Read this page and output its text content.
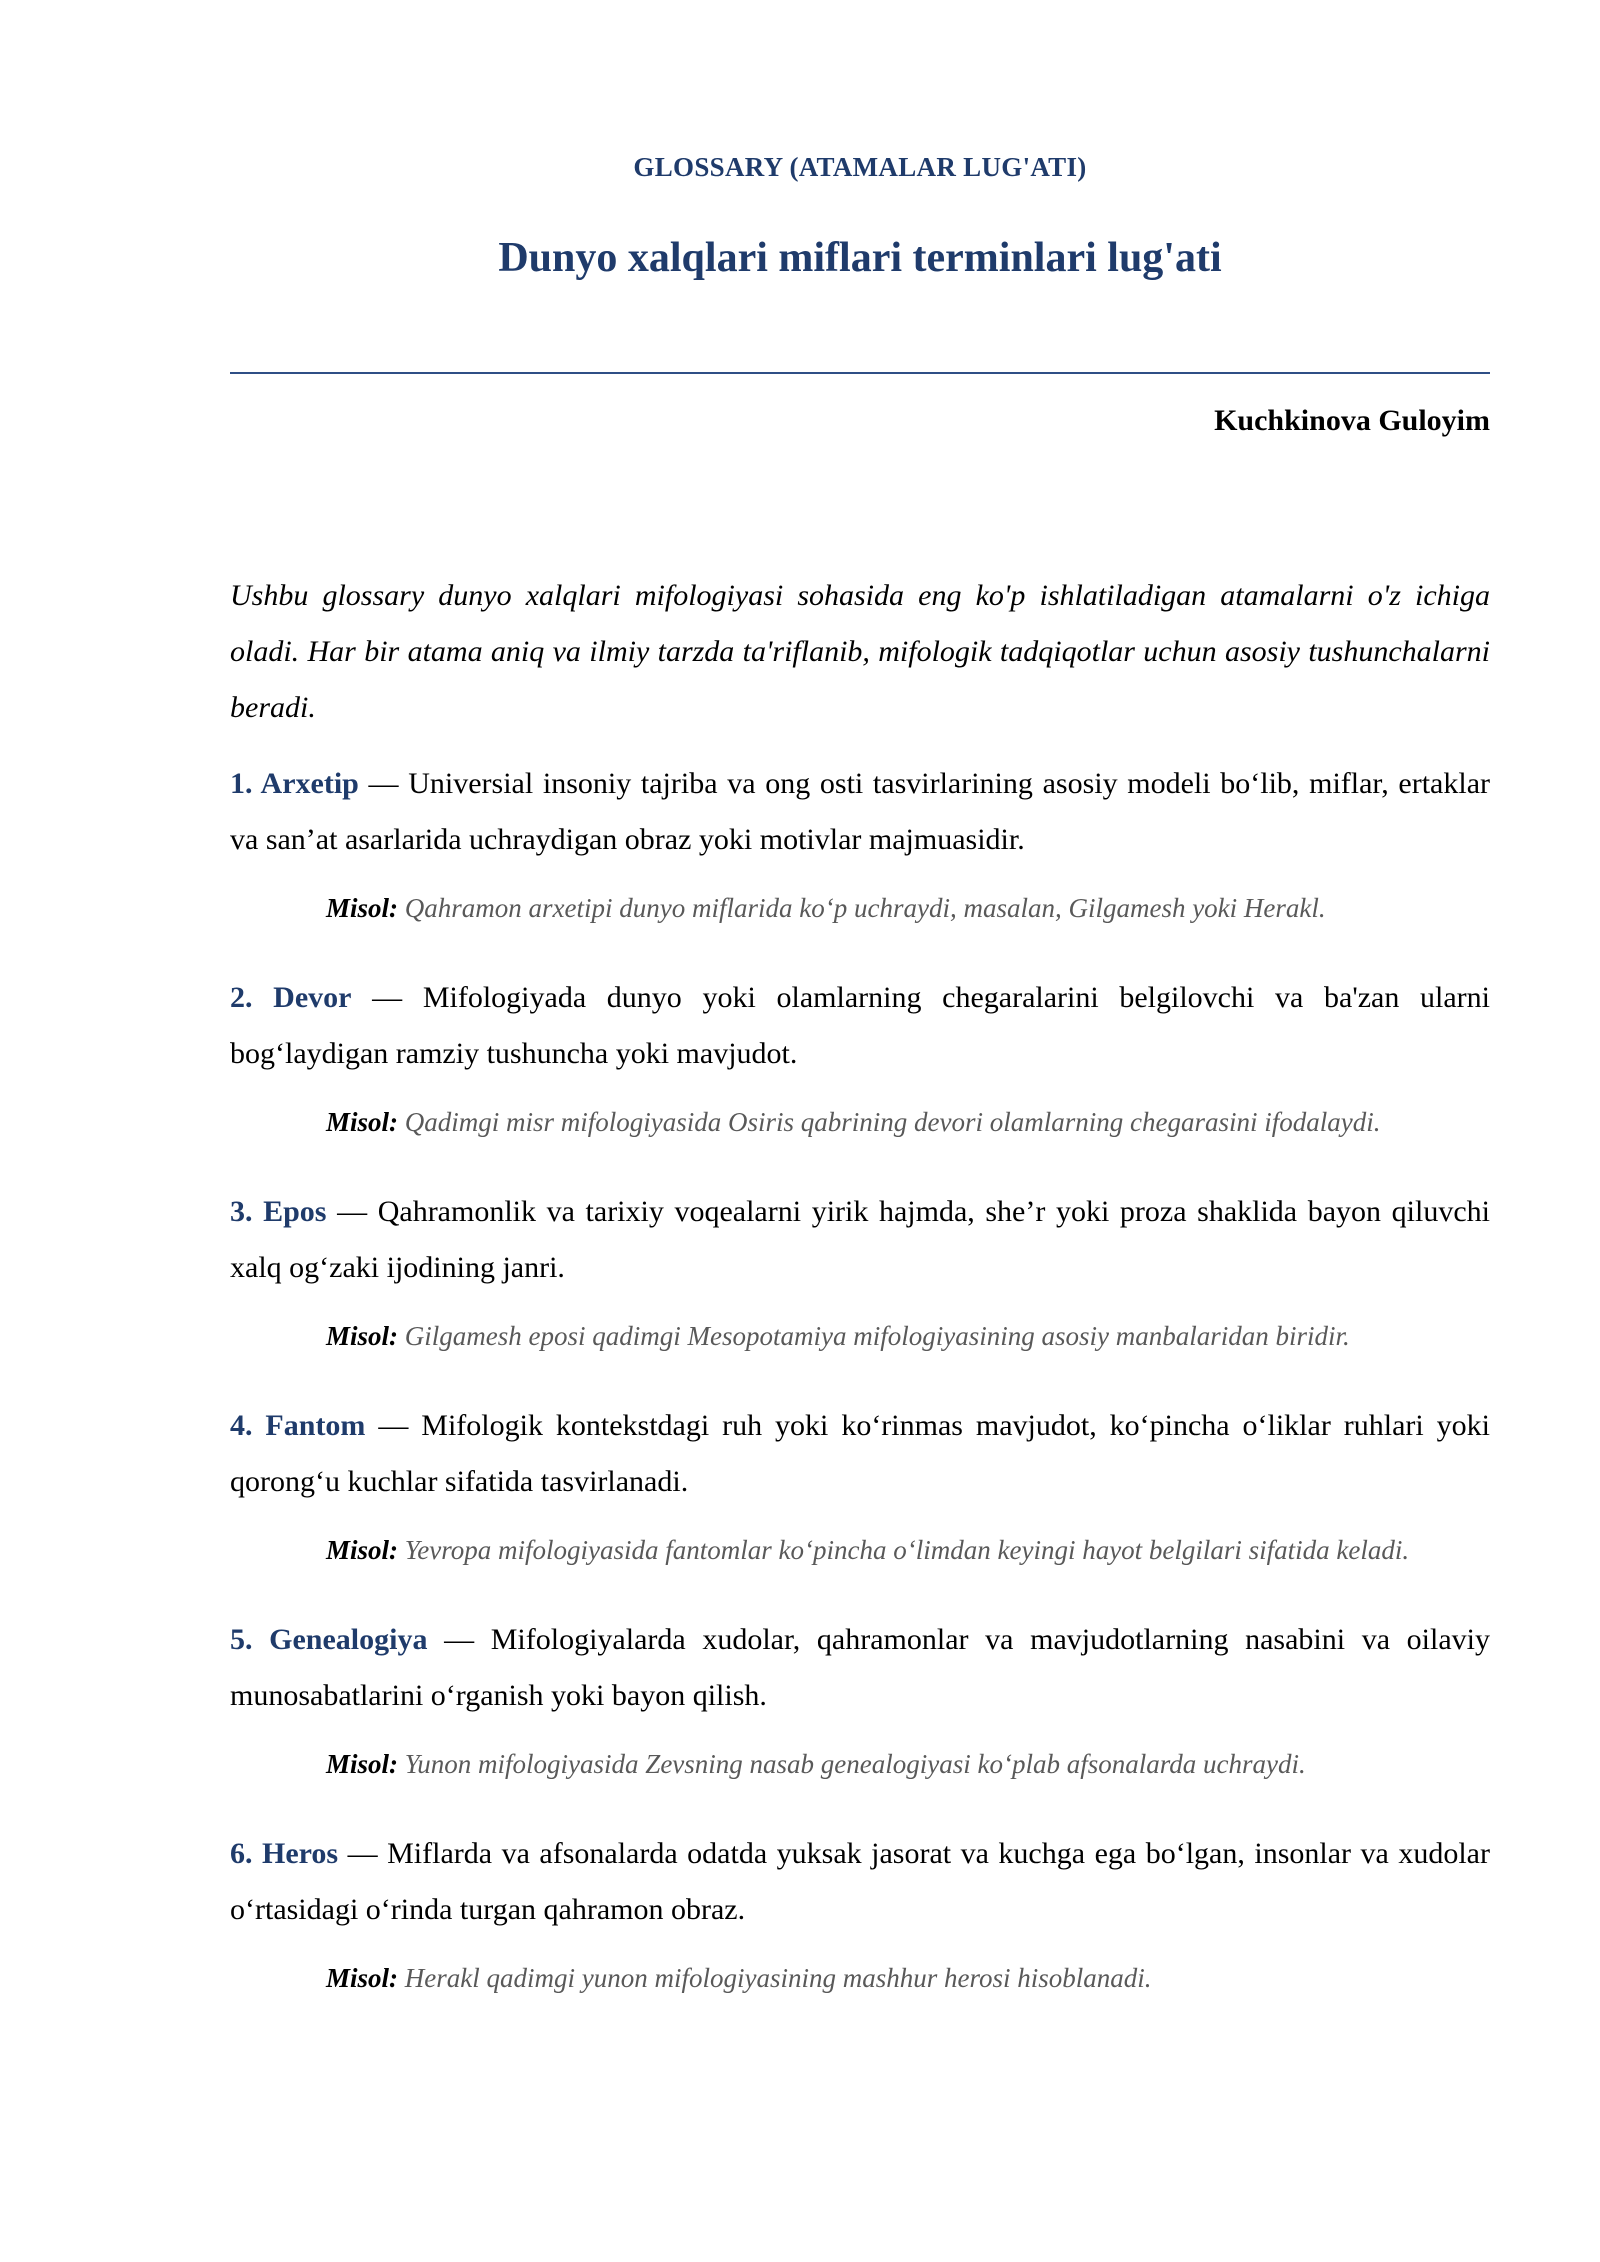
GLOSSARY (ATAMALAR LUG'ATI)
Dunyo xalqlari miflari terminlari lug'ati
Kuchkinova Guloyim

Ushbu glossary dunyo xalqlari mifologiyasi sohasida eng ko'p ishlatiladigan atamalarni o'z ichiga oladi. Har bir atama aniq va ilmiy tarzda ta'riflanib, mifologik tadqiqotlar uchun asosiy tushunchalarni beradi.

1. Arxetip — Universial insoniy tajriba va ong osti tasvirlarining asosiy modeli bo‘lib, miflar, ertaklar va san’at asarlarida uchraydigan obraz yoki motivlar majmuasidir.

Misol: Qahramon arxetipi dunyo miflarida ko‘p uchraydi, masalan, Gilgamesh yoki Herakl.

2. Devor — Mifologiyada dunyo yoki olamlarning chegaralarini belgilovchi va ba'zan ularni bog‘laydigan ramziy tushuncha yoki mavjudot.

Misol: Qadimgi misr mifologiyasida Osiris qabrining devori olamlarning chegarasini ifodalaydi.

3. Epos — Qahramonlik va tarixiy voqealarni yirik hajmda, she’r yoki proza shaklida bayon qiluvchi xalq og‘zaki ijodining janri.

Misol: Gilgamesh eposi qadimgi Mesopotamiya mifologiyasining asosiy manbalaridan biridir.

4. Fantom — Mifologik kontekstdagi ruh yoki ko‘rinmas mavjudot, ko‘pincha o‘liklar ruhlari yoki qorong‘u kuchlar sifatida tasvirlanadi.

Misol: Yevropa mifologiyasida fantomlar ko‘pincha o‘limdan keyingi hayot belgilari sifatida keladi.

5. Genealogiya — Mifologiyalarda xudolar, qahramonlar va mavjudotlarning nasabini va oilaviy munosabatlarini o‘rganish yoki bayon qilish.

Misol: Yunon mifologiyasida Zevsning nasab genealogiyasi ko‘plab afsonalarda uchraydi.

6. Heros — Miflarda va afsonalarda odatda yuksak jasorat va kuchga ega bo‘lgan, insonlar va xudolar o‘rtasidagi o‘rinda turgan qahramon obraz.

Misol: Herakl qadimgi yunon mifologiyasining mashhur herosi hisoblanadi.
